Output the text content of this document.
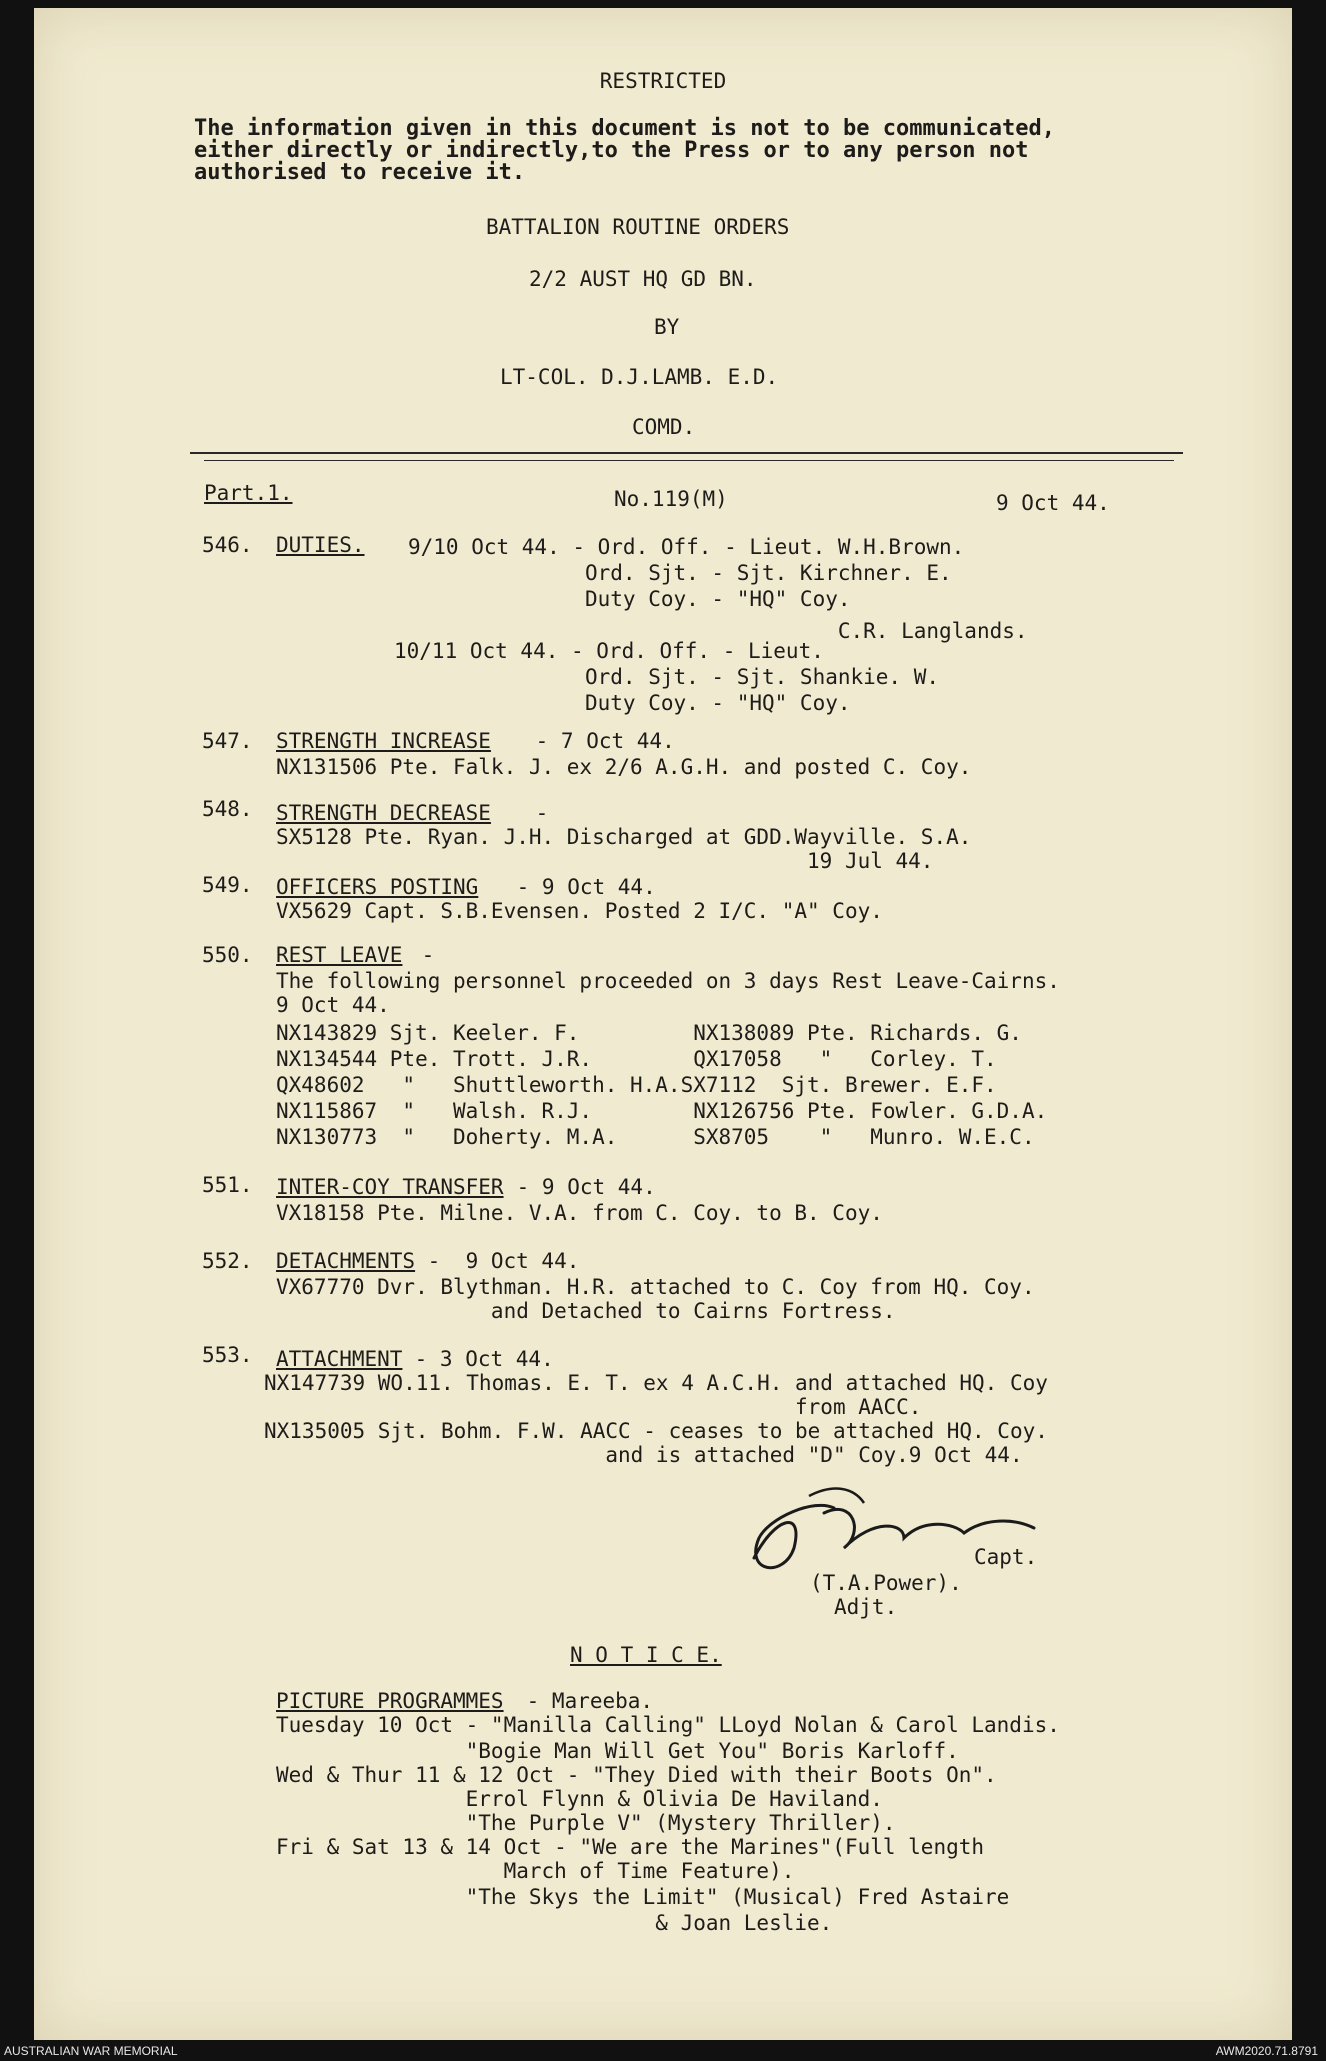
RESTRICTED
The information given in this document is not to be communicated,
either directly or indirectly,to the Press or to any person not
authorised to receive it.
BATTALION ROUTINE ORDERS
2/2 AUST HQ GD BN.
BY
LT-COL. D.J.LAMB. E.D.
COMD.
Part.1.	No.119(M)	9 Oct 44.
546. DUTIES. 9/10 Oct 44. - Ord. Off. - Lieut. W.H.Brown.
Ord. Sjt. - Sjt. Kirchner. E.
Duty Coy. - "HQ" Coy.
C.R. Langlands.
10/11 Oct 44. - Ord. Off. - Lieut.
Ord. Sjt. - Sjt. Shankie. W.
Duty Coy. - "HQ" Coy.
547. STRENGTH INCREASE - 7 Oct 44.
NX131506 Pte. Falk. J. ex 2/6 A.G.H. and posted C. Coy.
548. STRENGTH DECREASE -
SX5128 Pte. Ryan. J.H. Discharged at GDD.Wayville. S.A.
19 Jul 44.
549. OFFICERS POSTING - 9 Oct 44.
VX5629 Capt. S.B.Evensen. Posted 2 I/C. "A" Coy.
550. REST LEAVE -
The following personnel proceeded on 3 days Rest Leave-Cairns.
9 Oct 44.
NX143829 Sjt. Keeler. F.         NX138089 Pte. Richards. G.
NX134544 Pte. Trott. J.R.        QX17058   "   Corley. T.
QX48602   "   Shuttleworth. H.A.SX7112  Sjt. Brewer. E.F.
NX115867  "   Walsh. R.J.        NX126756 Pte. Fowler. G.D.A.
NX130773  "   Doherty. M.A.      SX8705    "   Munro. W.E.C.
551. INTER-COY TRANSFER - 9 Oct 44.
VX18158 Pte. Milne. V.A. from C. Coy. to B. Coy.
552. DETACHMENTS -  9 Oct 44.
VX67770 Dvr. Blythman. H.R. attached to C. Coy from HQ. Coy.
and Detached to Cairns Fortress.
553. ATTACHMENT - 3 Oct 44.
NX147739 WO.11. Thomas. E. T. ex 4 A.C.H. and attached HQ. Coy
from AACC.
NX135005 Sjt. Bohm. F.W. AACC - ceases to be attached HQ. Coy.
and is attached "D" Coy.9 Oct 44.
Capt.
(T.A.Power).
Adjt.
N O T I C E.
PICTURE PROGRAMMES - Mareeba.
Tuesday 10 Oct - "Manilla Calling" LLoyd Nolan & Carol Landis.
"Bogie Man Will Get You" Boris Karloff.
Wed & Thur 11 & 12 Oct - "They Died with their Boots On".
Errol Flynn & Olivia De Haviland.
"The Purple V" (Mystery Thriller).
Fri & Sat 13 & 14 Oct - "We are the Marines"(Full length
March of Time Feature).
"The Skys the Limit" (Musical) Fred Astaire
& Joan Leslie.
AUSTRALIAN WAR MEMORIAL	AWM2020.71.8791
